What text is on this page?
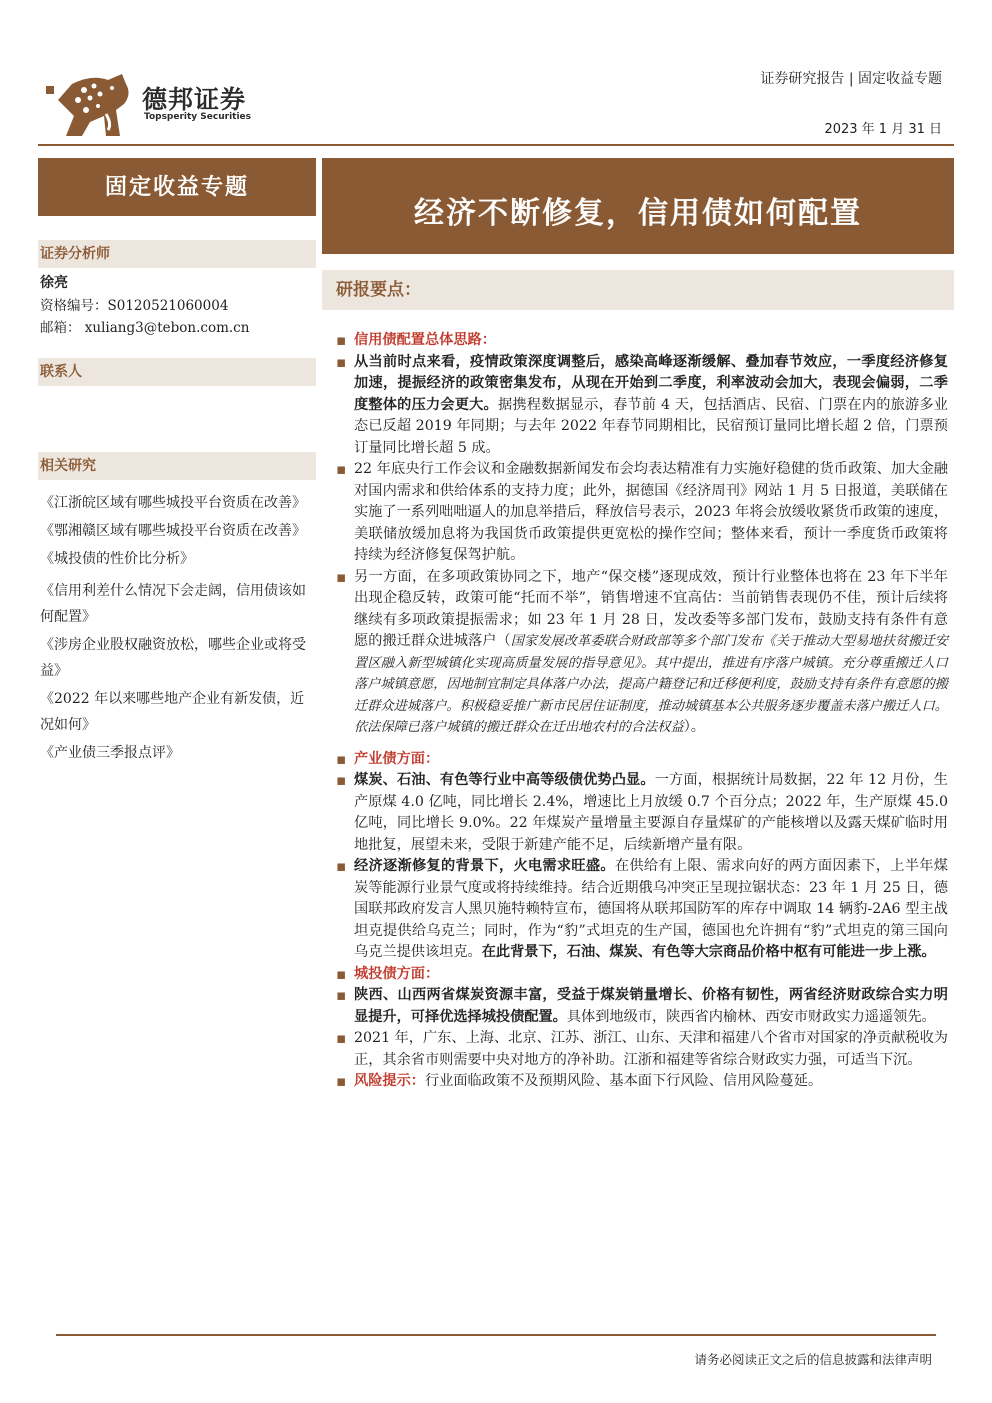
德邦证券
Topsperity Securities
证券研究报告 | 固定收益专题
2023 年 1 月 31 日
固定收益专题
证券分析师
徐亮
资格编号：S0120521060004
邮箱： xuliang3@tebon.com.cn
联系人
相关研究
《江浙皖区域有哪些城投平台资质在改善》
《鄂湘赣区域有哪些城投平台资质在改善》
《城投债的性价比分析》
《信用利差什么情况下会走阔，信用债该如何配置》
《涉房企业股权融资放松，哪些企业或将受益》
《2022 年以来哪些地产企业有新发债，近况如何》
《产业债三季报点评》
经济不断修复，信用债如何配置
研报要点：

▪ 信用债配置总体思路：

▪ 从当前时点来看，疫情政策深度调整后，感染高峰逐渐缓解、叠加春节效应，一季度经济修复加速，提振经济的政策密集发布，从现在开始到二季度，利率波动会加大，表现会偏弱，二季度整体的压力会更大。据携程数据显示，春节前 4 天，包括酒店、民宿、门票在内的旅游多业态已反超 2019 年同期；与去年 2022 年春节同期相比，民宿预订量同比增长超 2 倍，门票预订量同比增长超 5 成。

▪ 22 年底央行工作会议和金融数据新闻发布会均表达精准有力实施好稳健的货币政策、加大金融对国内需求和供给体系的支持力度；此外，据德国《经济周刊》网站 1 月 5 日报道，美联储在实施了一系列咄咄逼人的加息举措后，释放信号表示，2023 年将会放缓收紧货币政策的速度，美联储放缓加息将为我国货币政策提供更宽松的操作空间；整体来看，预计一季度货币政策将持续为经济修复保驾护航。

▪ 另一方面，在多项政策协同之下，地产“保交楼”逐现成效，预计行业整体也将在 23 年下半年出现企稳反转，政策可能“托而不举”，销售增速不宜高估：当前销售表现仍不佳，预计后续将继续有多项政策提振需求；如 23 年 1 月 28 日，发改委等多部门发布，鼓励支持有条件有意愿的搬迁群众进城落户（国家发展改革委联合财政部等多个部门发布《关于推动大型易地扶贫搬迁安置区融入新型城镇化实现高质量发展的指导意见》。其中提出，推进有序落户城镇。充分尊重搬迁人口落户城镇意愿，因地制宜制定具体落户办法，提高户籍登记和迁移便利度，鼓励支持有条件有意愿的搬迁群众进城落户。积极稳妥推广新市民居住证制度，推动城镇基本公共服务逐步覆盖未落户搬迁人口。依法保障已落户城镇的搬迁群众在迁出地农村的合法权益）。

▪ 产业债方面：

▪ 煤炭、石油、有色等行业中高等级债优势凸显。一方面，根据统计局数据，22 年 12 月份，生产原煤 4.0 亿吨，同比增长 2.4%，增速比上月放缓 0.7 个百分点；2022 年，生产原煤 45.0 亿吨，同比增长 9.0%。22 年煤炭产量增量主要源自存量煤矿的产能核增以及露天煤矿临时用地批复，展望未来，受限于新建产能不足，后续新增产量有限。

▪ 经济逐渐修复的背景下，火电需求旺盛。在供给有上限、需求向好的两方面因素下，上半年煤炭等能源行业景气度或将持续维持。结合近期俄乌冲突正呈现拉锯状态：23 年 1 月 25 日，德国联邦政府发言人黑贝施特赖特宣布，德国将从联邦国防军的库存中调取 14 辆豹-2A6 型主战坦克提供给乌克兰；同时，作为“豹”式坦克的生产国，德国也允许拥有“豹”式坦克的第三国向乌克兰提供该坦克。在此背景下，石油、煤炭、有色等大宗商品价格中枢有可能进一步上涨。

▪ 城投债方面：

▪ 陕西、山西两省煤炭资源丰富，受益于煤炭销量增长、价格有韧性，两省经济财政综合实力明显提升，可择优选择城投债配置。具体到地级市，陕西省内榆林、西安市财政实力遥遥领先。

▪ 2021 年，广东、上海、北京、江苏、浙江、山东、天津和福建八个省市对国家的净贡献税收为正，其余省市则需要中央对地方的净补助。江浙和福建等省综合财政实力强，可适当下沉。

▪ 风险提示：行业面临政策不及预期风险、基本面下行风险、信用风险蔓延。

请务必阅读正文之后的信息披露和法律声明
